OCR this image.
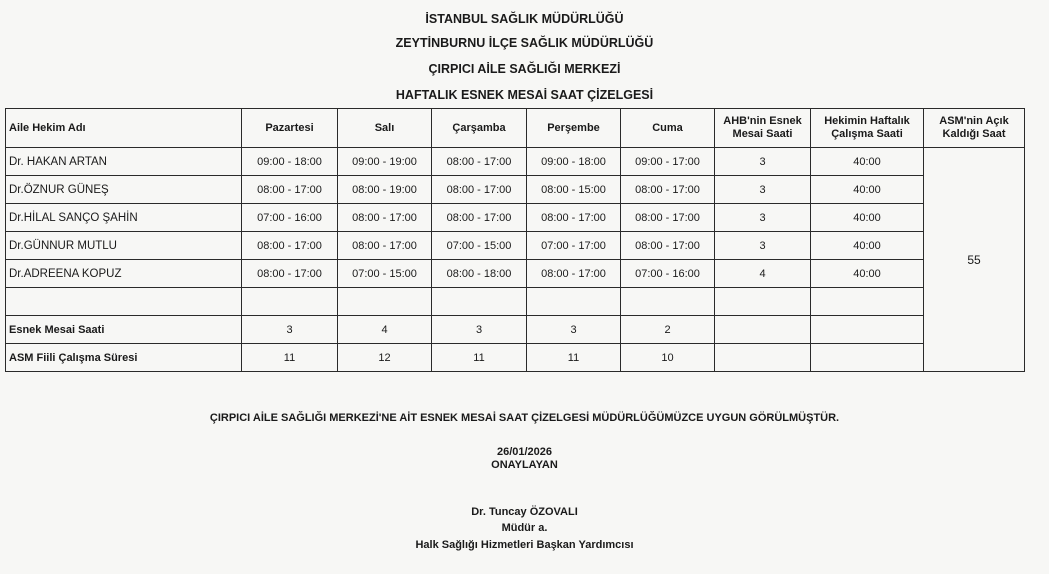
İSTANBUL SAĞLIK MÜDÜRLÜĞÜ
ZEYTİNBURNU İLÇE SAĞLIK MÜDÜRLÜĞÜ
ÇIRPICI AİLE SAĞLIĞI MERKEZİ
HAFTALIK ESNEK MESAİ SAAT ÇİZELGESİ
Aile Hekim Adı	Pazartesi	Salı	Çarşamba	Perşembe	Cuma	AHB'nin Esnek Mesai Saati	Hekimin Haftalık Çalışma Saati	ASM'nin Açık Kaldığı Saat
Dr. HAKAN ARTAN	09:00 - 18:00	09:00 - 19:00	08:00 - 17:00	09:00 - 18:00	09:00 - 17:00	3	40:00	55
Dr.ÖZNUR GÜNEŞ	08:00 - 17:00	08:00 - 19:00	08:00 - 17:00	08:00 - 15:00	08:00 - 17:00	3	40:00	
Dr.HİLAL SANÇO ŞAHİN	07:00 - 16:00	08:00 - 17:00	08:00 - 17:00	08:00 - 17:00	08:00 - 17:00	3	40:00	
Dr.GÜNNUR MUTLU	08:00 - 17:00	08:00 - 17:00	07:00 - 15:00	07:00 - 17:00	08:00 - 17:00	3	40:00	
Dr.ADREENA KOPUZ	08:00 - 17:00	07:00 - 15:00	08:00 - 18:00	08:00 - 17:00	07:00 - 16:00	4	40:00	

Esnek Mesai Saati	3	4	3	3	2			
ASM Fiili Çalışma Süresi	11	12	11	11	10			
ÇIRPICI AİLE SAĞLIĞI MERKEZİ'NE AİT ESNEK MESAİ SAAT ÇİZELGESİ MÜDÜRLÜĞÜMÜZCE UYGUN GÖRÜLMÜŞTÜR.
26/01/2026
ONAYLAYAN
Dr. Tuncay ÖZOVALI
Müdür a.
Halk Sağlığı Hizmetleri Başkan Yardımcısı
